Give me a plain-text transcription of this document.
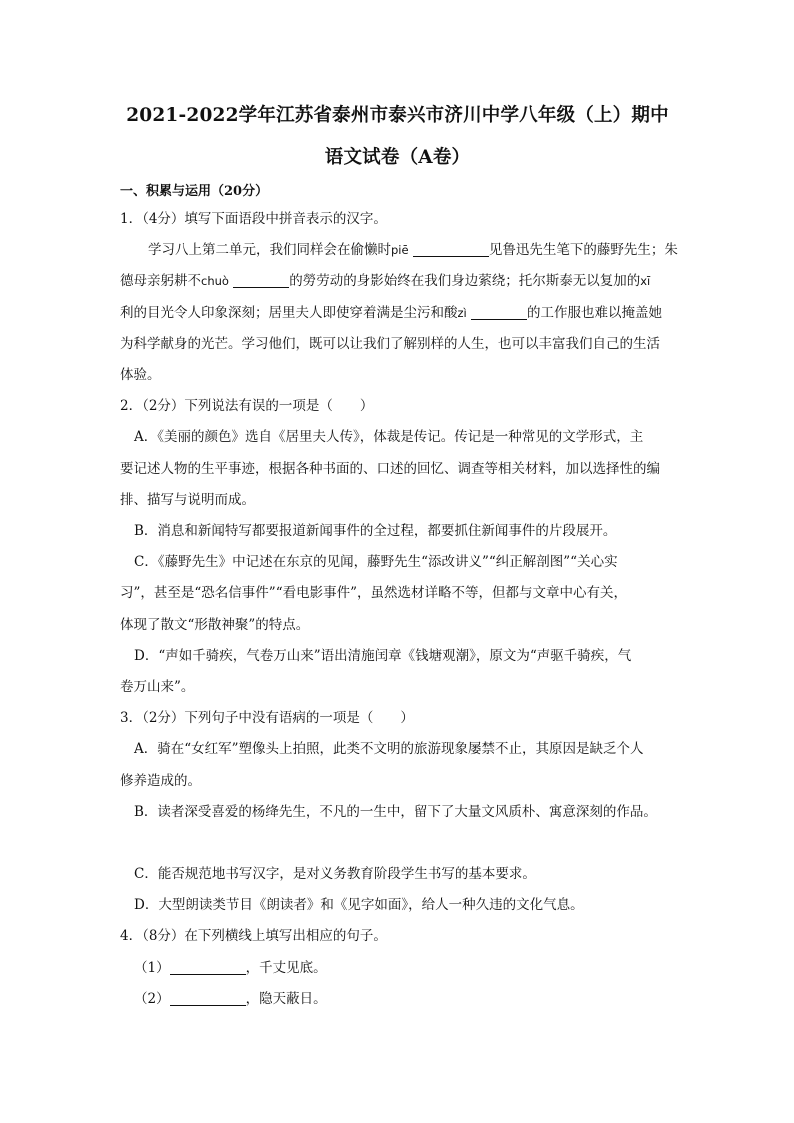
2021-2022学年江苏省泰州市泰兴市济川中学八年级（上）期中
语文试卷（A卷）
一、积累与运用（20分）
1．（4分）填写下面语段中拼音表示的汉字。
学习八上第二单元，我们同样会在偷懒时piē	见鲁迅先生笔下的藤野先生；朱
德母亲躬耕不chuò	的勞劳动的身影始终在我们身边萦绕；托尔斯泰无以复加的xī
利的目光令人印象深刻；居里夫人即使穿着满是尘污和酸zì	的工作服也难以掩盖她
为科学献身的光芒。学习他们，既可以让我们了解别样的人生，也可以丰富我们自己的生活
体验。
2．（2分）下列说法有误的一项是（　　）
A．《美丽的颜色》选自《居里夫人传》，体裁是传记。传记是一种常见的文学形式，主
要记述人物的生平事迹，根据各种书面的、口述的回忆、调查等相关材料，加以选择性的编
排、描写与说明而成。
B．消息和新闻特写都要报道新闻事件的全过程，都要抓住新闻事件的片段展开。
C．《藤野先生》中记述在东京的见闻，藤野先生“添改讲义”“纠正解剖图”“关心实
习”，甚至是“恐名信事件”“看电影事件”，虽然选材详略不等，但都与文章中心有关，
体现了散文“形散神聚”的特点。
D．“声如千骑疾，气卷万山来”语出清施闰章《钱塘观潮》，原文为“声驱千骑疾，气
卷万山来”。
3．（2分）下列句子中没有语病的一项是（　　）
A．骑在“女红军”塑像头上拍照，此类不文明的旅游现象屡禁不止，其原因是缺乏个人
修养造成的。
B．读者深受喜爱的杨绛先生，不凡的一生中，留下了大量文风质朴、寓意深刻的作品。
C．能否规范地书写汉字，是对义务教育阶段学生书写的基本要求。
D．大型朗读类节目《朗读者》和《见字如面》，给人一种久违的文化气息。
4．（8分）在下列横线上填写出相应的句子。
（1）	，千丈见底。
（2）	，隐天蔽日。
